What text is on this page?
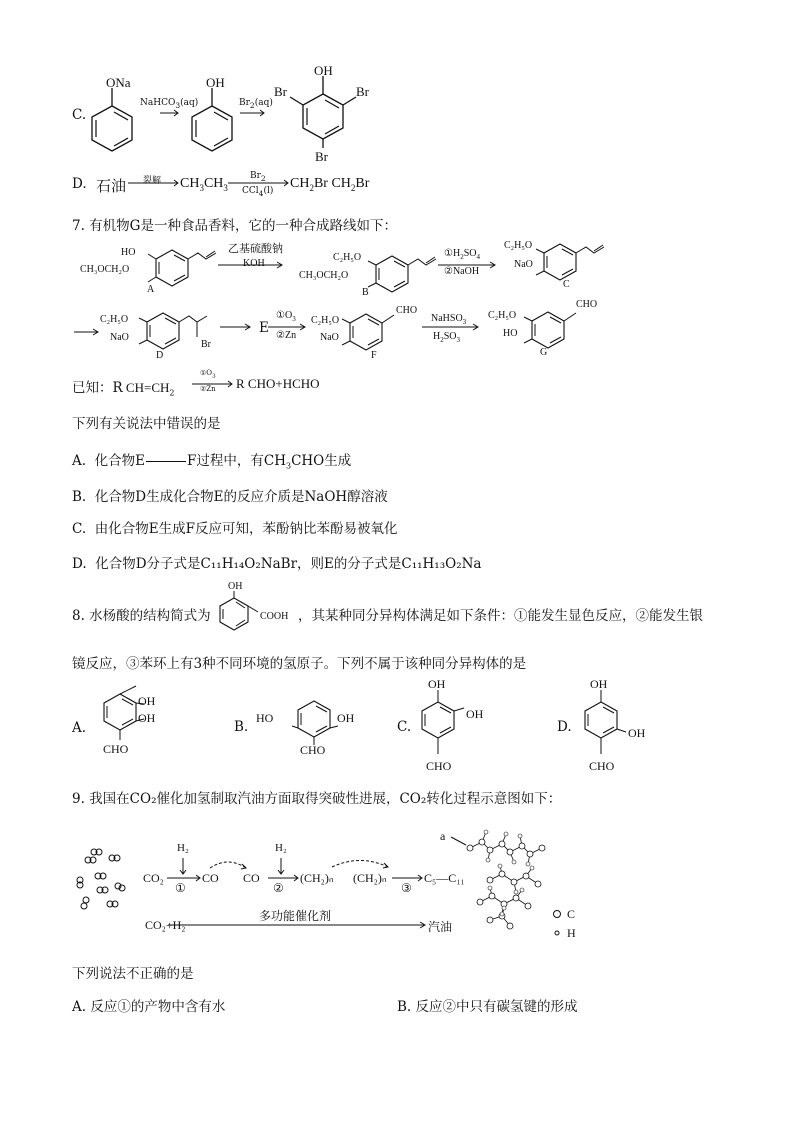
C.
ONa
NaHCO$_3$(aq)
OH
$Br_2(aq)$
OH
Br	Br
Br
D. 石油 裂解 $CH_3CH_3$
$Br_2$
CCl$_4$(l) $CH_2Br$ $CH_2Br$
7. 有机物G是一种食品香料，它的一种合成路线如下：
HO
CH₃OCH₂O
A
乙基硫酸钠
KOH
C₂H₅O
CH₃OCH₂O
B
$①H_2SO_4$
②NaOH
C₂H₅O
NaO
C
C₂H₅O
NaO
Br
D
E
$①O_3$
②Zn
C₂H₅O
NaO
CHO
F
NaHSO$_3$
$H_2SO_3$
C₂H₅O
HO
CHO
G
已知：R $CH=CH_2$
$①O_3$
②Zn R CHO+HCHO
下列有关说法中错误的是
A. 化合物E	F过程中，有$CH_3CHO$生成
B. 化合物D生成化合物E的反应介质是NaOH醇溶液
C. 由化合物E生成F反应可知，苯酚钠比苯酚易被氧化
D. 化合物D分子式是C₁₁H₁₄O₂NaBr，则E的分子式是C₁₁H₁₃O₂Na
8. 水杨酸的结构简式为
OH
COOH ，其某种同分异构体满足如下条件：①能发生显色反应，②能发生银
镜反应，③苯环上有3种不同环境的氢原子。下列不属于该种同分异构体的是
A.
OH
OH
CHO
B.
HO	OH
CHO
C.
OH
OH
CHO
D.
OH
OH
CHO
9. 我国在CO₂催化加氢制取汽油方面取得突破性进展，CO₂转化过程示意图如下：
H₂
CO₂
①
CO CO
H₂
②
(CH₂)ₙ (CH₂)ₙ
③
C₅—C₁₁
CO₂+H₂
多功能催化剂
汽油
a
C
H
下列说法不正确的是
A. 反应①的产物中含有水	B. 反应②中只有碳氢键的形成
